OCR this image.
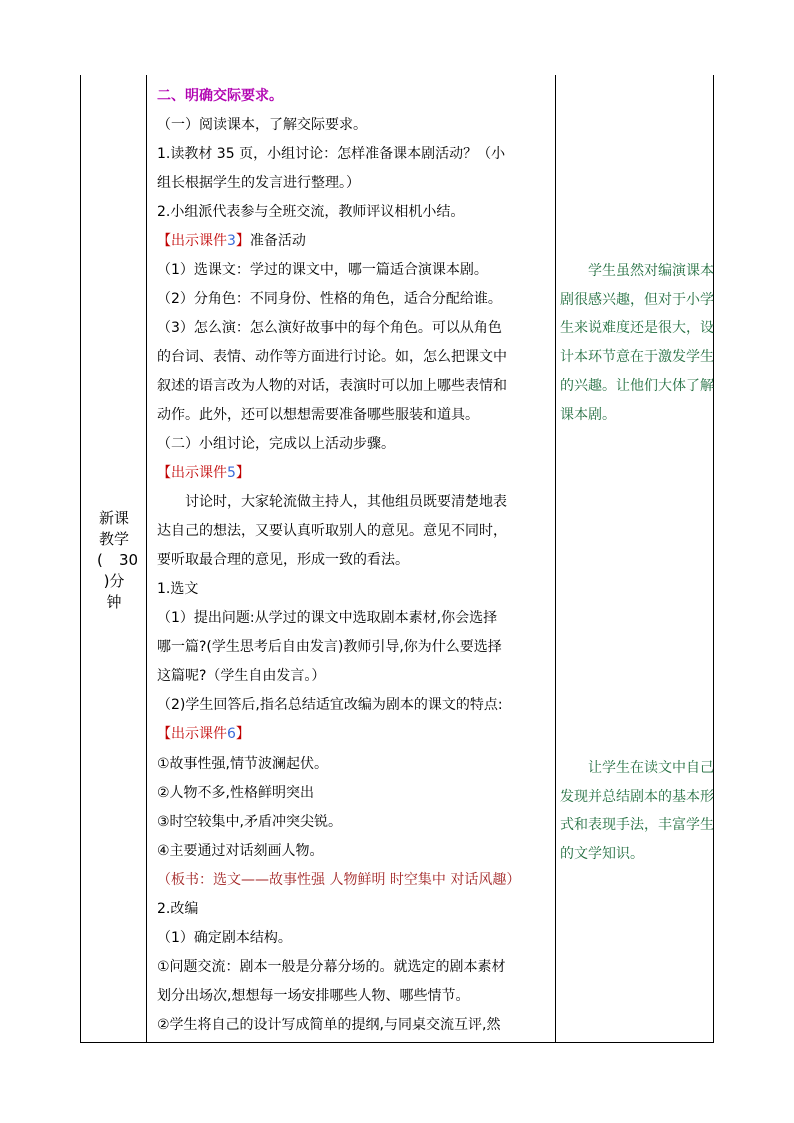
新课
教学
( 30
)分
钟
二、明确交际要求。
（一）阅读课本，了解交际要求。
1.读教材 35 页，小组讨论：怎样准备课本剧活动？（小
组长根据学生的发言进行整理。）
2.小组派代表参与全班交流，教师评议相机小结。
【出示课件3】准备活动
（1）选课文：学过的课文中，哪一篇适合演课本剧。
（2）分角色：不同身份、性格的角色，适合分配给谁。
（3）怎么演：怎么演好故事中的每个角色。可以从角色
的台词、表情、动作等方面进行讨论。如，怎么把课文中
叙述的语言改为人物的对话，表演时可以加上哪些表情和
动作。此外，还可以想想需要准备哪些服装和道具。
（二）小组讨论，完成以上活动步骤。
【出示课件5】
讨论时，大家轮流做主持人，其他组员既要清楚地表
达自己的想法，又要认真听取别人的意见。意见不同时，
要听取最合理的意见，形成一致的看法。
1.选文
（1）提出问题:从学过的课文中选取剧本素材,你会选择
哪一篇?(学生思考后自由发言)教师引导,你为什么要选择
这篇呢?（学生自由发言。）
（2)学生回答后,指名总结适宜改编为剧本的课文的特点:
【出示课件6】
①故事性强,情节波澜起伏。
②人物不多,性格鲜明突出
③时空较集中,矛盾冲突尖锐。
④主要通过对话刻画人物。
（板书：选文——故事性强 人物鲜明 时空集中 对话风趣）
2.改编
（1）确定剧本结构。
①问题交流：剧本一般是分幕分场的。就选定的剧本素材
划分出场次,想想每一场安排哪些人物、哪些情节。
②学生将自己的设计写成简单的提纲,与同桌交流互评,然
学生虽然对编演课本剧很感兴趣，但对于小学生来说难度还是很大，设计本环节意在于激发学生的兴趣。让他们大体了解课本剧。
让学生在读文中自己发现并总结剧本的基本形式和表现手法，丰富学生的文学知识。
